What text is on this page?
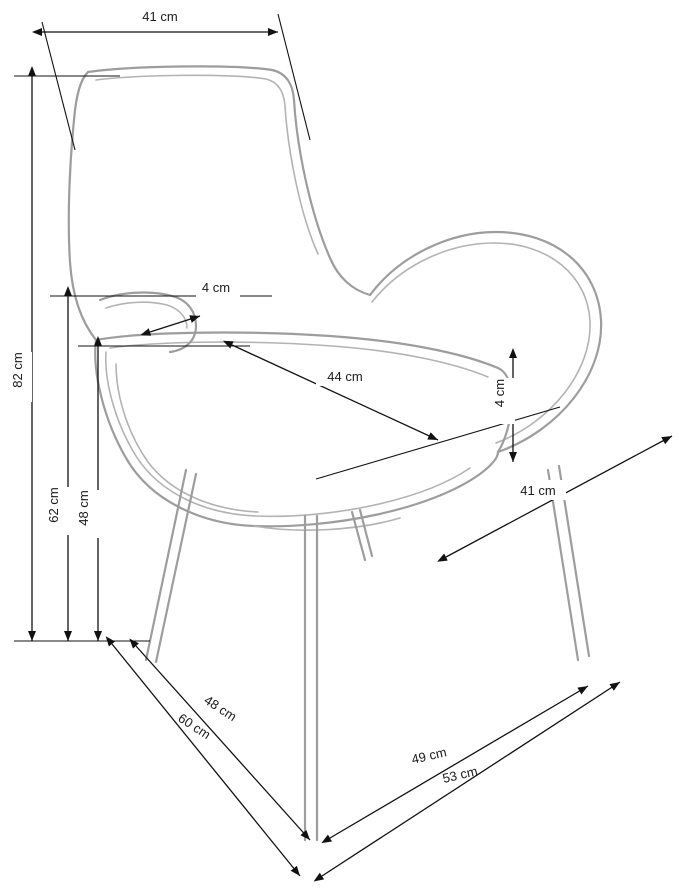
41 cm
82 cm
4 cm
44 cm
4 cm
41 cm
62 cm 48 cm
48 cm
60 cm
49 cm
53 cm
